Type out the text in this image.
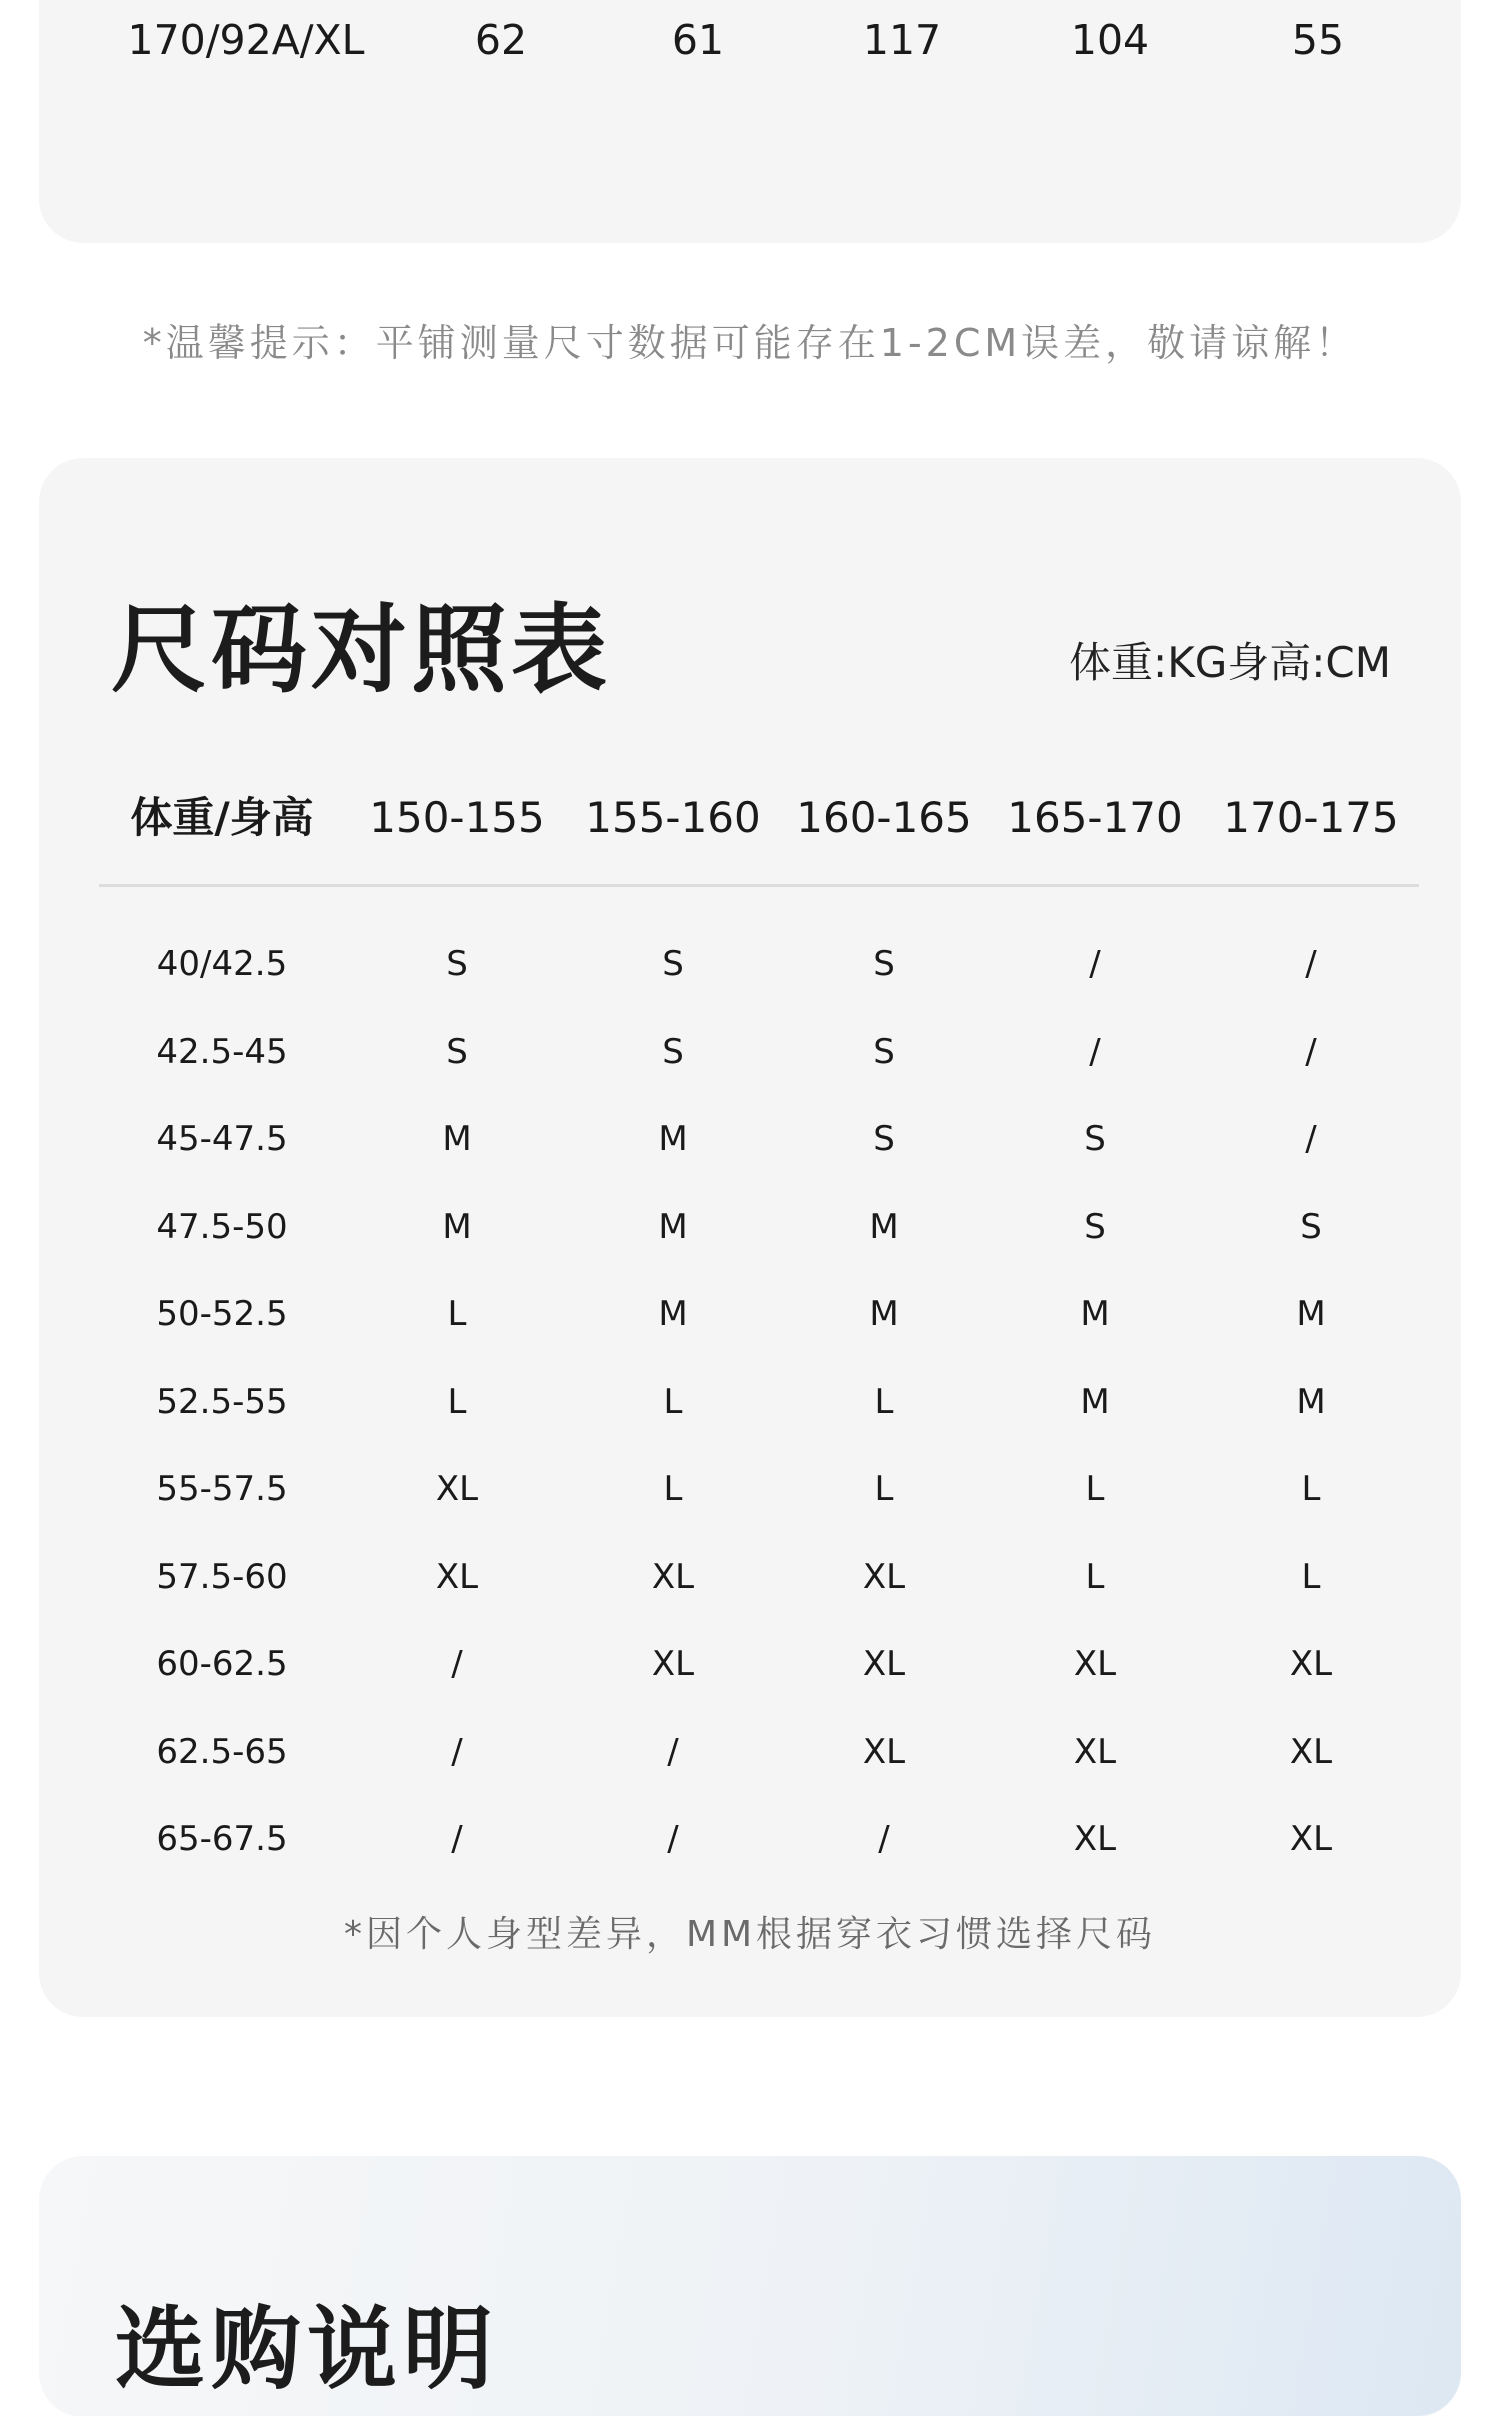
170/92A/XL	62	61	117	104	55
*温馨提示：平铺测量尺寸数据可能存在1-2CM误差，敬请谅解！
尺码对照表	体重:KG身高:CM
体重/身高 150-155 155-160 160-165 165-170 170-175
40/42.5	S	S	S	/	/
42.5-45	S	S	S	/	/
45-47.5	M	M	S	S	/
47.5-50	M	M	M	S	S
50-52.5	L	M	M	M	M
52.5-55	L	L	L	M	M
55-57.5	XL	L	L	L	L
57.5-60	XL	XL	XL	L	L
60-62.5	/	XL	XL	XL	XL
62.5-65	/	/	XL	XL	XL
65-67.5	/	/	/	XL	XL
*因个人身型差异，MM根据穿衣习惯选择尺码
选购说明
